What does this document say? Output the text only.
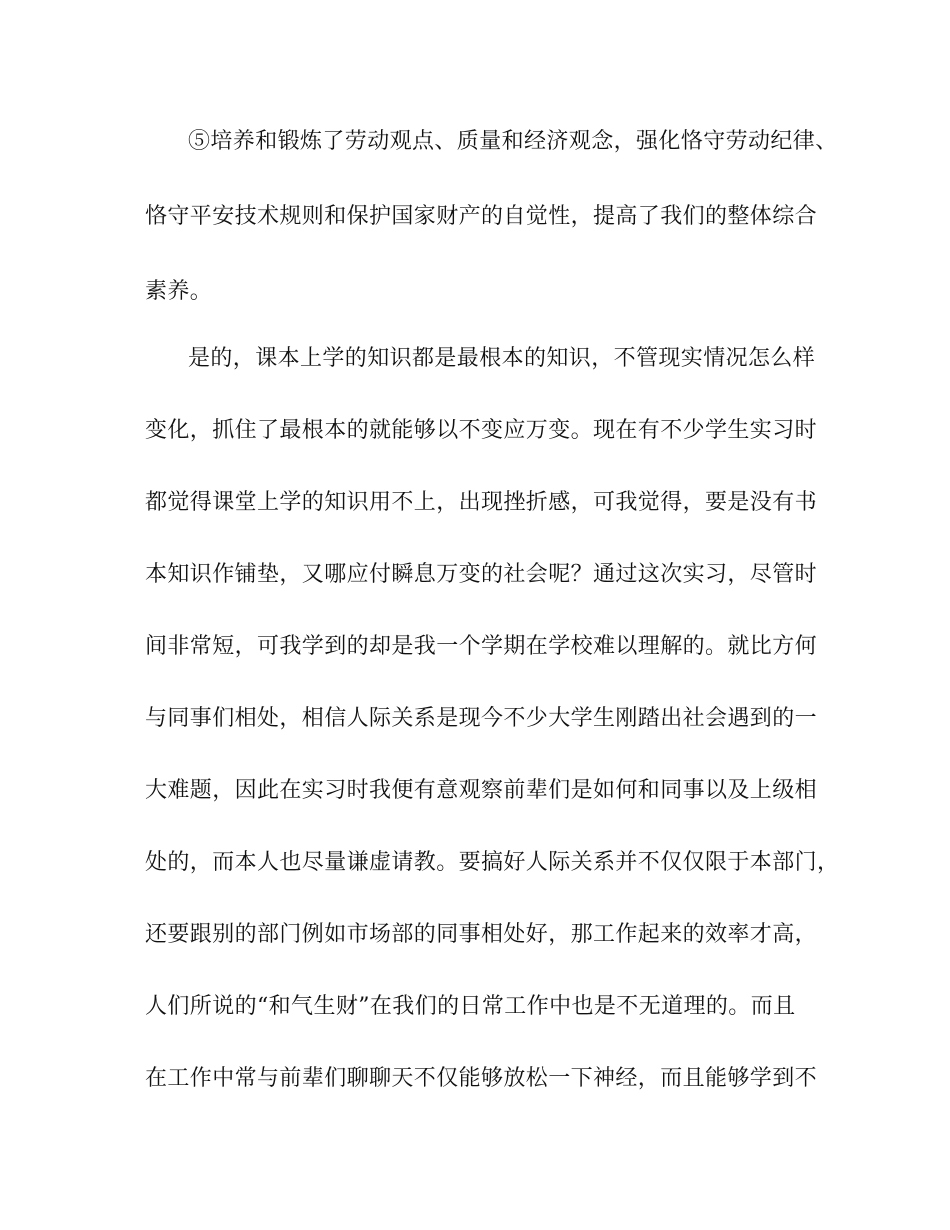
⑤培养和锻炼了劳动观点、质量和经济观念，强化恪守劳动纪律、
恪守平安技术规则和保护国家财产的自觉性，提高了我们的整体综合
素养。
是的，课本上学的知识都是最根本的知识，不管现实情况怎么样
变化，抓住了最根本的就能够以不变应万变。现在有不少学生实习时
都觉得课堂上学的知识用不上，出现挫折感，可我觉得，要是没有书
本知识作铺垫，又哪应付瞬息万变的社会呢？通过这次实习，尽管时
间非常短，可我学到的却是我一个学期在学校难以理解的。就比方何
与同事们相处，相信人际关系是现今不少大学生刚踏出社会遇到的一
大难题，因此在实习时我便有意观察前辈们是如何和同事以及上级相
处的，而本人也尽量谦虚请教。要搞好人际关系并不仅仅限于本部门，
还要跟别的部门例如市场部的同事相处好，那工作起来的效率才高，
人们所说的“和气生财”在我们的日常工作中也是不无道理的。而且
在工作中常与前辈们聊聊天不仅能够放松一下神经，而且能够学到不
